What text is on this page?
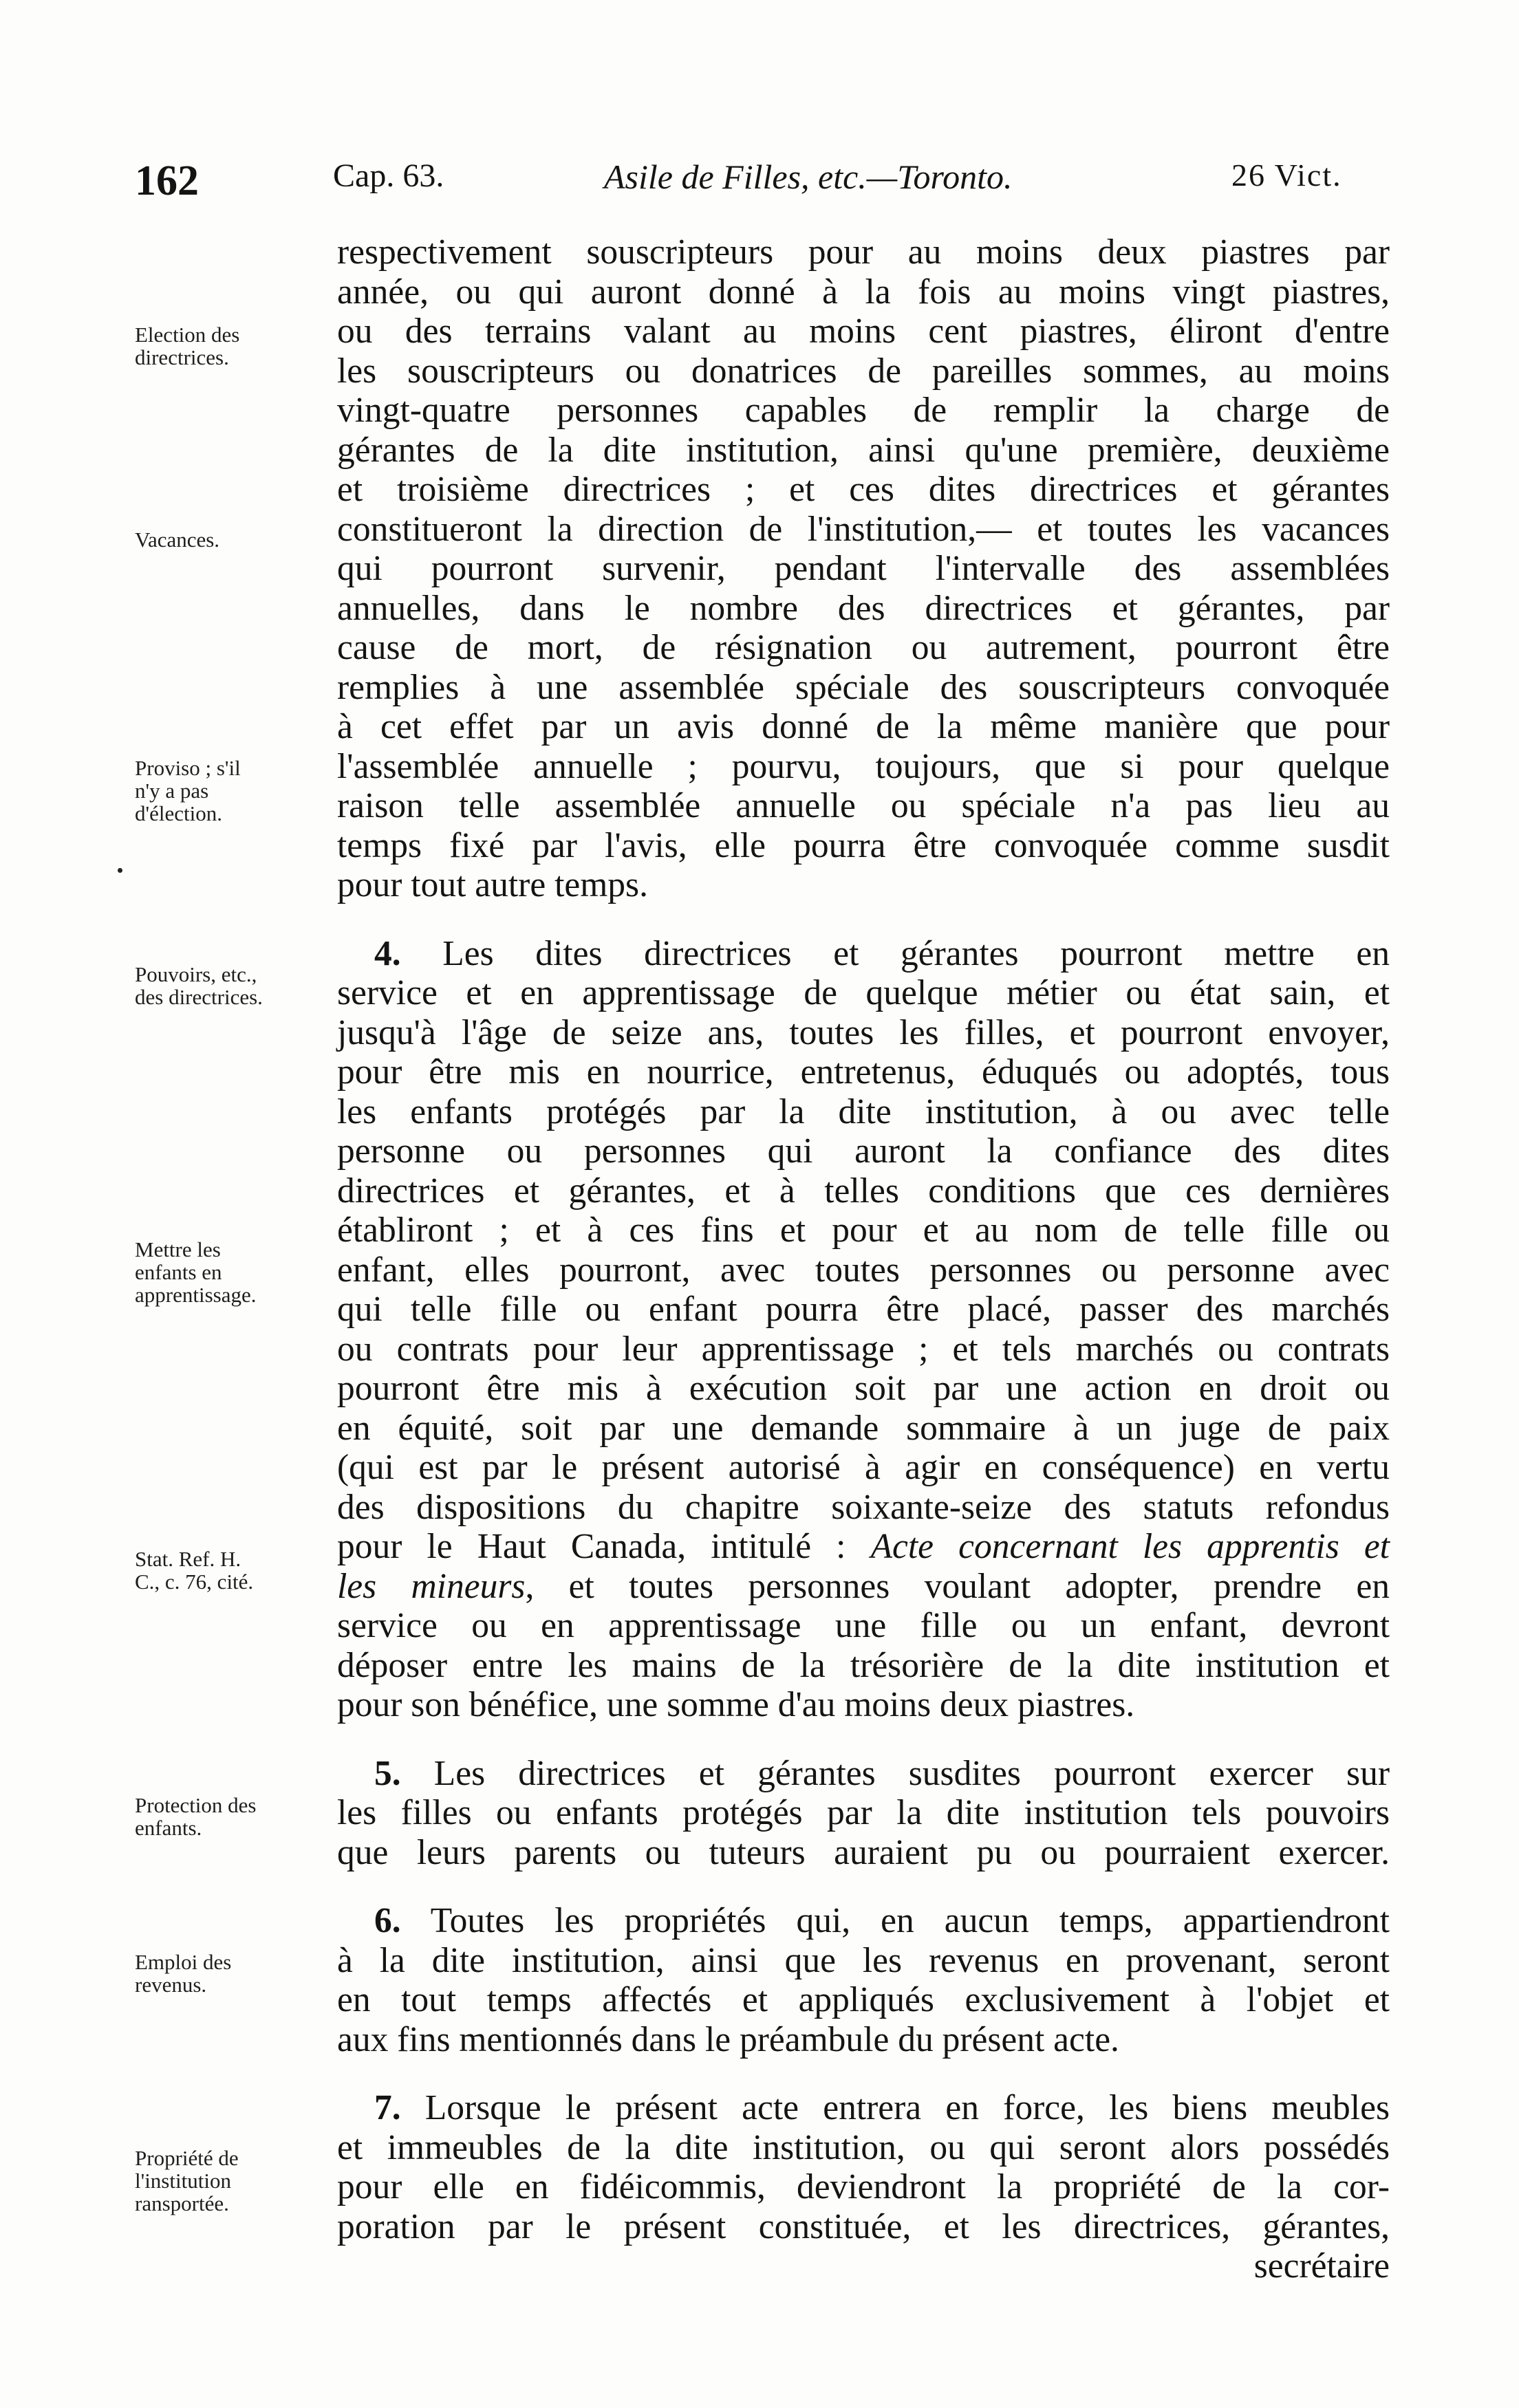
162	Cap. 63.	Asile de Filles, etc.—Toronto.	26 Vict.
Election des
directrices.
Vacances.
Proviso ; s'il
n'y a pas
d'élection.
Pouvoirs, etc.,
des directrices.
Mettre les
enfants en
apprentissage.
Stat. Ref. H.
C., c. 76, cité.
Protection des
enfants.
Emploi des
revenus.
Propriété de
l'institution
ransportée.
respectivement souscripteurs pour au moins deux piastres par
année, ou qui auront donné à la fois au moins vingt piastres,
ou des terrains valant au moins cent piastres, éliront d'entre
les souscripteurs ou donatrices de pareilles sommes, au moins
vingt-quatre personnes capables de remplir la charge de
gérantes de la dite institution, ainsi qu'une première, deuxième
et troisième directrices ; et ces dites directrices et gérantes
constitueront la direction de l'institution,— et toutes les vacances
qui pourront survenir, pendant l'intervalle des assemblées
annuelles, dans le nombre des directrices et gérantes, par
cause de mort, de résignation ou autrement, pourront être
remplies à une assemblée spéciale des souscripteurs convoquée
à cet effet par un avis donné de la même manière que pour
l'assemblée annuelle ; pourvu, toujours, que si pour quelque
raison telle assemblée annuelle ou spéciale n'a pas lieu au
temps fixé par l'avis, elle pourra être convoquée comme susdit
pour tout autre temps.
4. Les dites directrices et gérantes pourront mettre en
service et en apprentissage de quelque métier ou état sain, et
jusqu'à l'âge de seize ans, toutes les filles, et pourront envoyer,
pour être mis en nourrice, entretenus, éduqués ou adoptés, tous
les enfants protégés par la dite institution, à ou avec telle
personne ou personnes qui auront la confiance des dites
directrices et gérantes, et à telles conditions que ces dernières
établiront ; et à ces fins et pour et au nom de telle fille ou
enfant, elles pourront, avec toutes personnes ou personne avec
qui telle fille ou enfant pourra être placé, passer des marchés
ou contrats pour leur apprentissage ; et tels marchés ou contrats
pourront être mis à exécution soit par une action en droit ou
en équité, soit par une demande sommaire à un juge de paix
(qui est par le présent autorisé à agir en conséquence) en vertu
des dispositions du chapitre soixante-seize des statuts refondus
pour le Haut Canada, intitulé : Acte concernant les apprentis et
les mineurs, et toutes personnes voulant adopter, prendre en
service ou en apprentissage une fille ou un enfant, devront
déposer entre les mains de la trésorière de la dite institution et
pour son bénéfice, une somme d'au moins deux piastres.
5. Les directrices et gérantes susdites pourront exercer sur
les filles ou enfants protégés par la dite institution tels pouvoirs
que leurs parents ou tuteurs auraient pu ou pourraient exercer.
6. Toutes les propriétés qui, en aucun temps, appartiendront
à la dite institution, ainsi que les revenus en provenant, seront
en tout temps affectés et appliqués exclusivement à l'objet et
aux fins mentionnés dans le préambule du présent acte.
7. Lorsque le présent acte entrera en force, les biens meubles
et immeubles de la dite institution, ou qui seront alors possédés
pour elle en fidéicommis, deviendront la propriété de la cor-
poration par le présent constituée, et les directrices, gérantes,
secrétaire
